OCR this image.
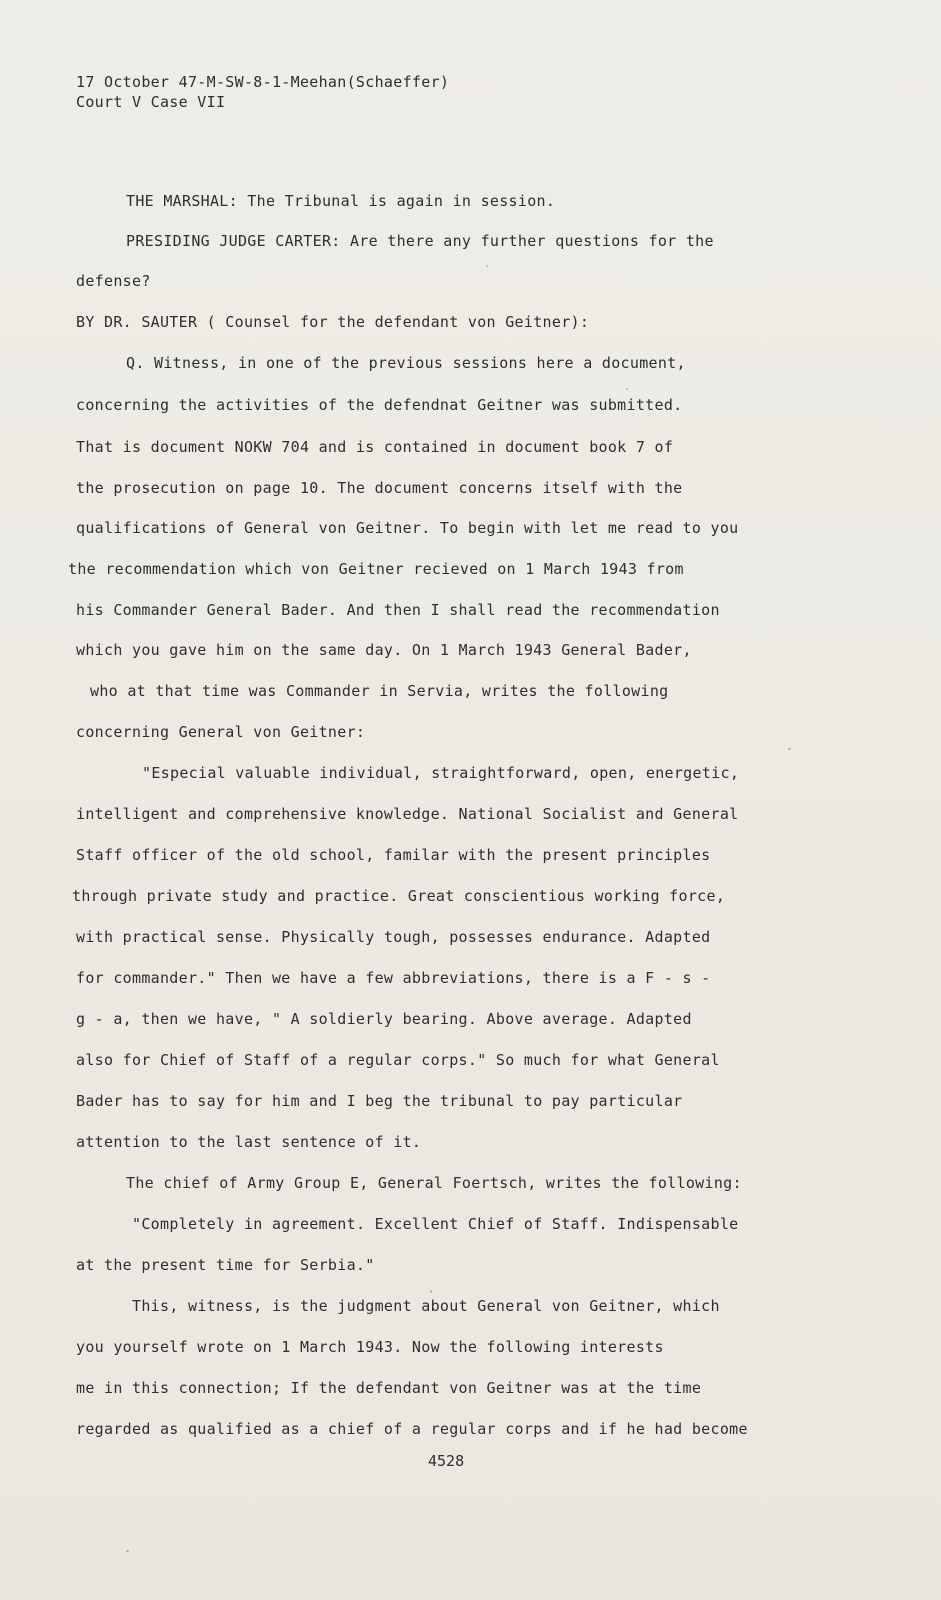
17 October 47-M-SW-8-1-Meehan(Schaeffer)
Court V Case VII
THE MARSHAL: The Tribunal is again in session.
PRESIDING JUDGE CARTER: Are there any further questions for the
defense?
BY DR. SAUTER ( Counsel for the defendant von Geitner):
Q. Witness, in one of the previous sessions here a document,
concerning the activities of the defendnat Geitner was submitted.
That is document NOKW 704 and is contained in document book 7 of
the prosecution on page 10. The document concerns itself with the
qualifications of General von Geitner. To begin with let me read to you
the recommendation which von Geitner recieved on 1 March 1943 from
his Commander General Bader. And then I shall read the recommendation
which you gave him on the same day. On 1 March 1943 General Bader,
who at that time was Commander in Servia, writes the following
concerning General von Geitner:
"Especial valuable individual, straightforward, open, energetic,
intelligent and comprehensive knowledge. National Socialist and General
Staff officer of the old school, familar with the present principles
through private study and practice. Great conscientious working force,
with practical sense. Physically tough, possesses endurance. Adapted
for commander." Then we have a few abbreviations, there is a F - s -
g - a, then we have, " A soldierly bearing. Above average. Adapted
also for Chief of Staff of a regular corps." So much for what General
Bader has to say for him and I beg the tribunal to pay particular
attention to the last sentence of it.
The chief of Army Group E, General Foertsch, writes the following:
"Completely in agreement. Excellent Chief of Staff. Indispensable
at the present time for Serbia."
This, witness, is the judgment about General von Geitner, which
you yourself wrote on 1 March 1943. Now the following interests
me in this connection; If the defendant von Geitner was at the time
regarded as qualified as a chief of a regular corps and if he had become
4528
